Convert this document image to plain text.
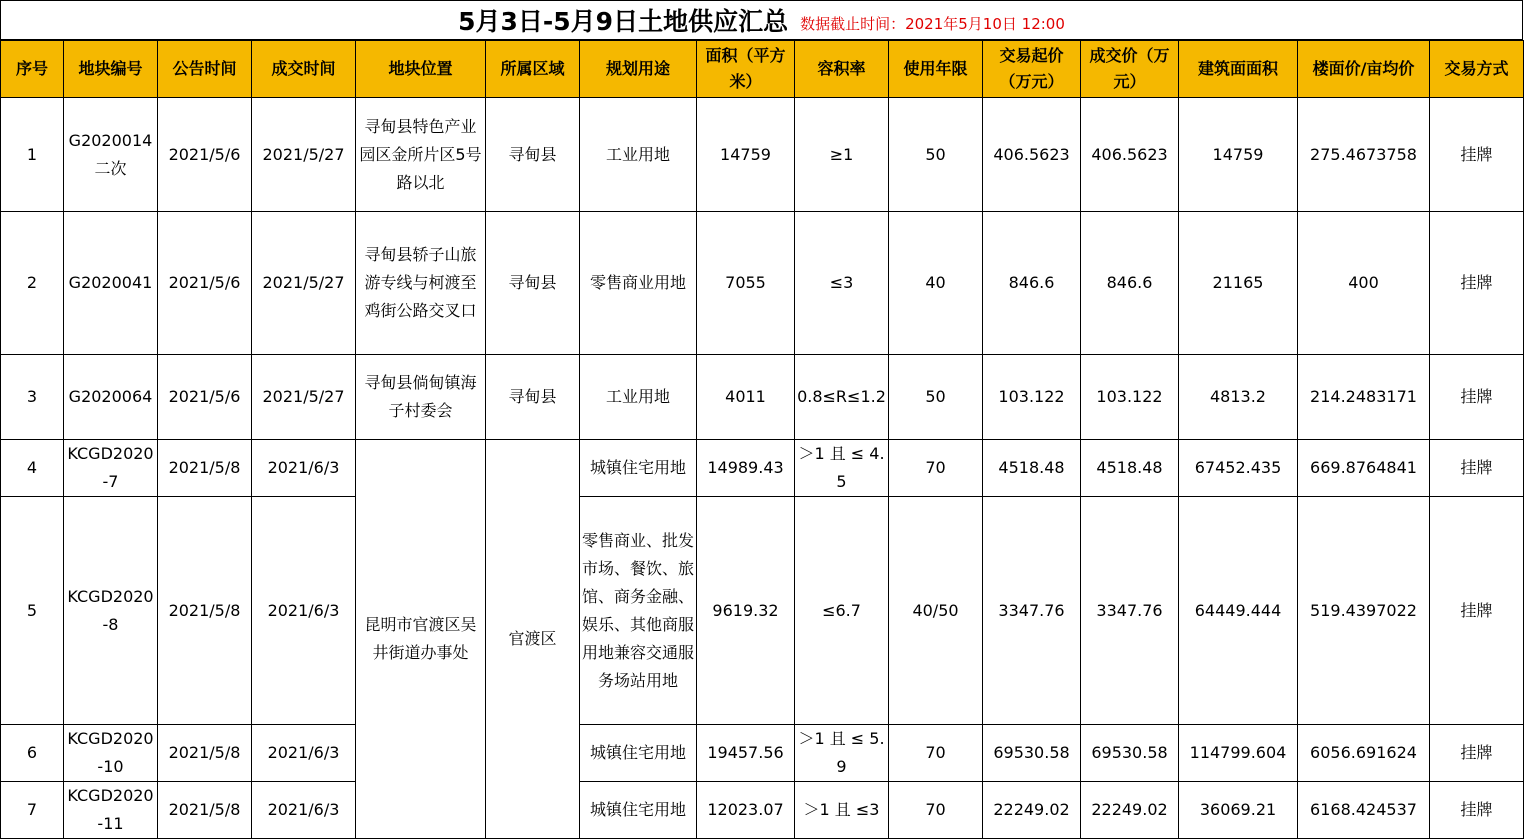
5月3日-5月9日土地供应汇总 数据截止时间：2021年5月10日 12:00
序号	地块编号	公告时间	成交时间	地块位置	所属区域	规划用途	面积（平方米）	容积率	使用年限	交易起价（万元）	成交价（万元）	建筑面面积	楼面价/亩均价	交易方式
1	G2020014二次	2021/5/6	2021/5/27	寻甸县特色产业园区金所片区5号路以北	寻甸县	工业用地	14759	≥1	50	406.5623	406.5623	14759	275.4673758	挂牌
2	G2020041	2021/5/6	2021/5/27	寻甸县轿子山旅游专线与柯渡至鸡街公路交叉口	寻甸县	零售商业用地	7055	≤3	40	846.6	846.6	21165	400	挂牌
3	G2020064	2021/5/6	2021/5/27	寻甸县倘甸镇海子村委会	寻甸县	工业用地	4011	0.8≤R≤1.2	50	103.122	103.122	4813.2	214.2483171	挂牌
4	KCGD2020-7	2021/5/8	2021/6/3	昆明市官渡区吴井街道办事处	官渡区	城镇住宅用地	14989.43	＞1 且 ≤ 4.5	70	4518.48	4518.48	67452.435	669.8764841	挂牌
5	KCGD2020-8	2021/5/8	2021/6/3			零售商业、批发市场、餐饮、旅馆、商务金融、娱乐、其他商服用地兼容交通服务场站用地	9619.32	≤6.7	40/50	3347.76	3347.76	64449.444	519.4397022	挂牌
6	KCGD2020-10	2021/5/8	2021/6/3			城镇住宅用地	19457.56	＞1 且 ≤ 5.9	70	69530.58	69530.58	114799.604	6056.691624	挂牌
7	KCGD2020-11	2021/5/8	2021/6/3			城镇住宅用地	12023.07	＞1 且 ≤3	70	22249.02	22249.02	36069.21	6168.424537	挂牌
